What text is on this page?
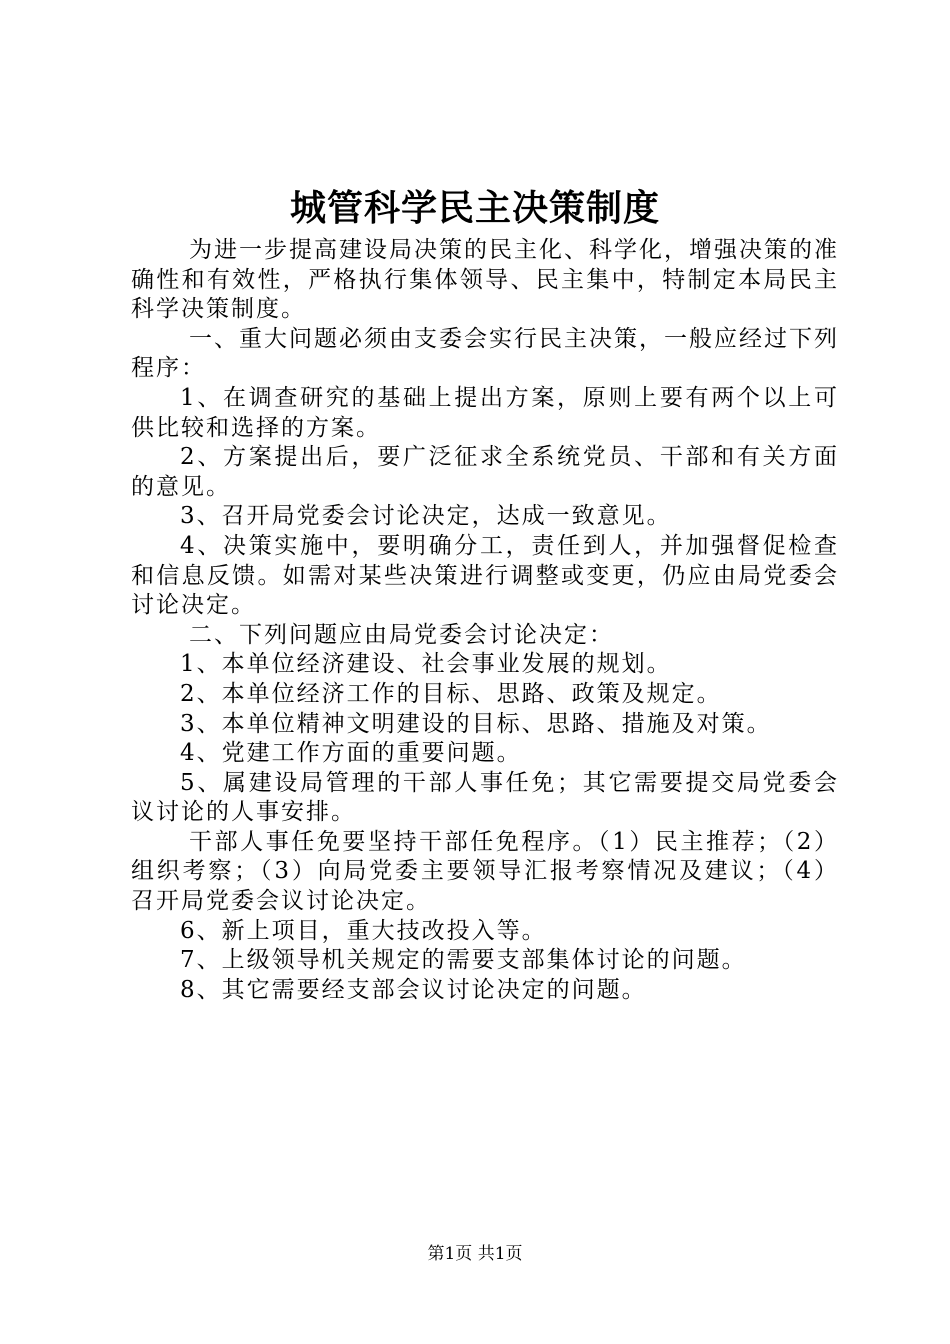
城管科学民主决策制度

为进一步提高建设局决策的民主化、科学化，增强决策的准确性和有效性，严格执行集体领导、民主集中，特制定本局民主科学决策制度。

一、重大问题必须由支委会实行民主决策，一般应经过下列程序：

1、在调查研究的基础上提出方案，原则上要有两个以上可供比较和选择的方案。

2、方案提出后，要广泛征求全系统党员、干部和有关方面的意见。

3、召开局党委会讨论决定，达成一致意见。

4、决策实施中，要明确分工，责任到人，并加强督促检查和信息反馈。如需对某些决策进行调整或变更，仍应由局党委会讨论决定。

二、下列问题应由局党委会讨论决定：

1、本单位经济建设、社会事业发展的规划。

2、本单位经济工作的目标、思路、政策及规定。

3、本单位精神文明建设的目标、思路、措施及对策。

4、党建工作方面的重要问题。

5、属建设局管理的干部人事任免；其它需要提交局党委会议讨论的人事安排。

干部人事任免要坚持干部任免程序。（1）民主推荐；（2）组织考察；（3）向局党委主要领导汇报考察情况及建议；（4）召开局党委会议讨论决定。

6、新上项目，重大技改投入等。

7、上级领导机关规定的需要支部集体讨论的问题。

8、其它需要经支部会议讨论决定的问题。

第1页 共1页
